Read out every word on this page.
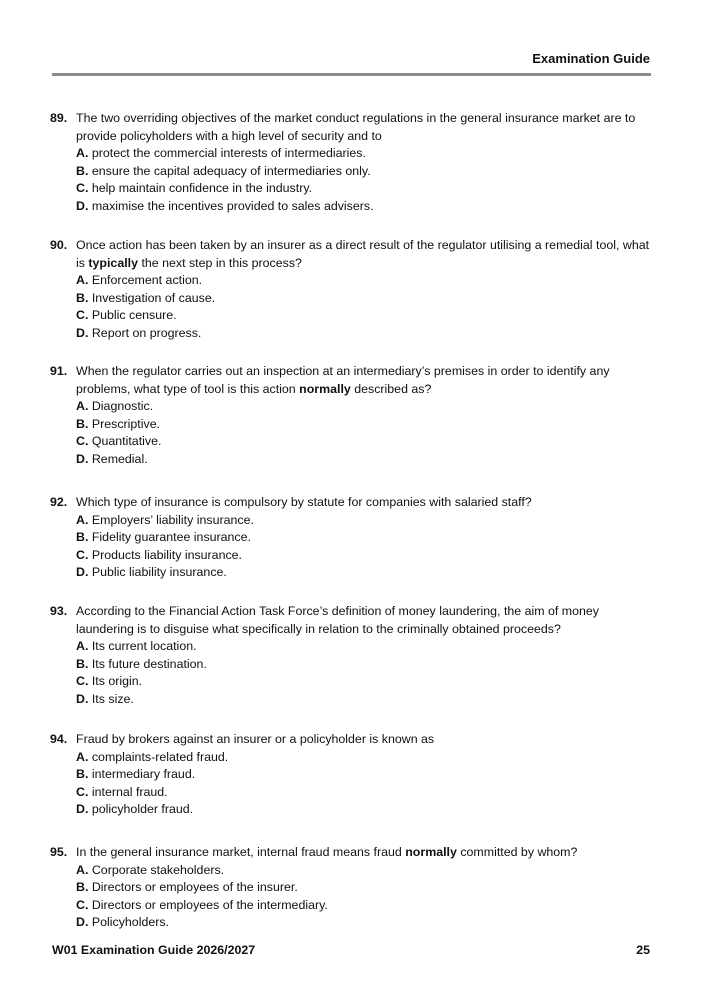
Examination Guide
89. The two overriding objectives of the market conduct regulations in the general insurance market are to provide policyholders with a high level of security and to
A. protect the commercial interests of intermediaries.
B. ensure the capital adequacy of intermediaries only.
C. help maintain confidence in the industry.
D. maximise the incentives provided to sales advisers.
90. Once action has been taken by an insurer as a direct result of the regulator utilising a remedial tool, what is typically the next step in this process?
A. Enforcement action.
B. Investigation of cause.
C. Public censure.
D. Report on progress.
91. When the regulator carries out an inspection at an intermediary’s premises in order to identify any problems, what type of tool is this action normally described as?
A. Diagnostic.
B. Prescriptive.
C. Quantitative.
D. Remedial.
92. Which type of insurance is compulsory by statute for companies with salaried staff?
A. Employers’ liability insurance.
B. Fidelity guarantee insurance.
C. Products liability insurance.
D. Public liability insurance.
93. According to the Financial Action Task Force’s definition of money laundering, the aim of money laundering is to disguise what specifically in relation to the criminally obtained proceeds?
A. Its current location.
B. Its future destination.
C. Its origin.
D. Its size.
94. Fraud by brokers against an insurer or a policyholder is known as
A. complaints-related fraud.
B. intermediary fraud.
C. internal fraud.
D. policyholder fraud.
95. In the general insurance market, internal fraud means fraud normally committed by whom?
A. Corporate stakeholders.
B. Directors or employees of the insurer.
C. Directors or employees of the intermediary.
D. Policyholders.
W01 Examination Guide 2026/2027	25
